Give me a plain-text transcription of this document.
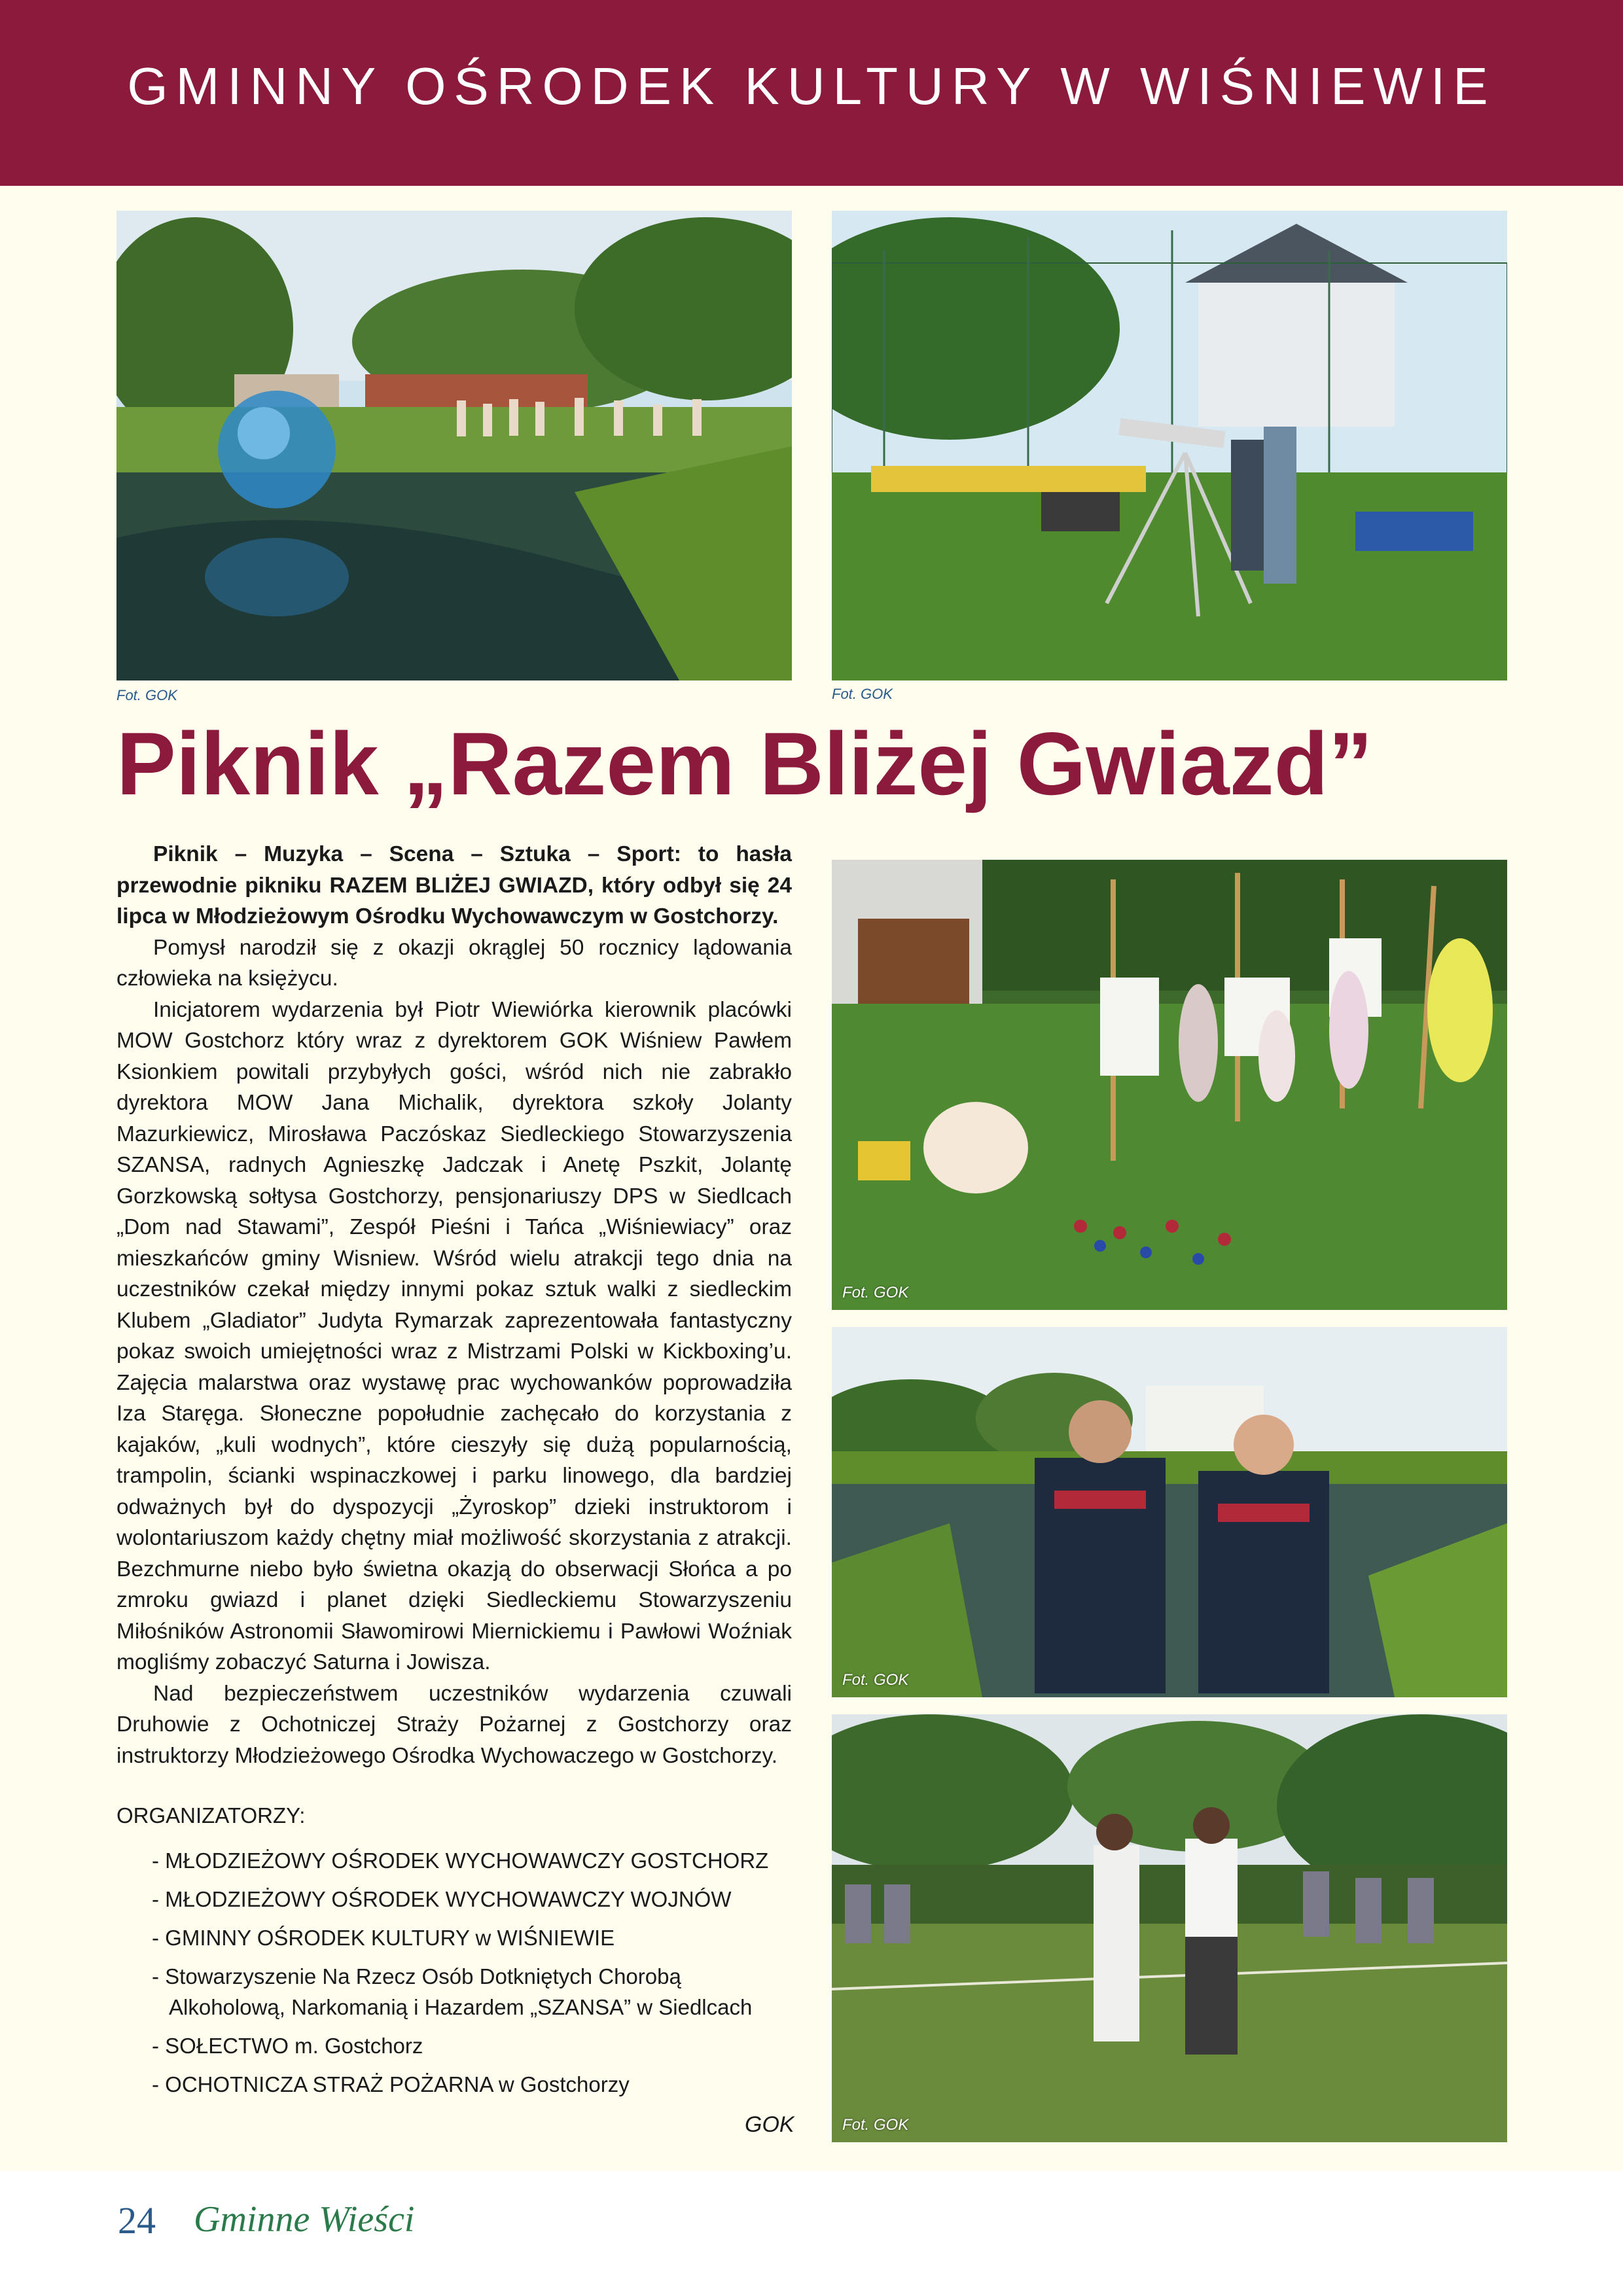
GMINNY OŚRODEK KULTURY W WIŚNIEWIE
Fot. GOK	Fot. GOK
Piknik „Razem Bliżej Gwiazd”

Piknik – Muzyka – Scena – Sztuka – Sport: to hasła przewodnie pikniku RAZEM BLIŻEJ GWIAZD, który odbył się 24 lipca w Młodzieżowym Ośrodku Wychowawczym w Gostchorzy.

Pomysł narodził się z okazji okrąglej 50 rocznicy lądowania człowieka na księżycu.

Inicjatorem wydarzenia był Piotr Wiewiórka kierownik placówki MOW Gostchorz który wraz z dyrektorem GOK Wiśniew Pawłem Ksionkiem powitali przybyłych gości, wśród nich nie zabrakło dyrektora MOW Jana Michalik, dyrektora szkoły Jolanty Mazurkiewicz, Mirosława Paczóskaz Siedleckiego Stowarzyszenia SZANSA, radnych Agnieszkę Jadczak i Anetę Pszkit, Jolantę Gorzkowską sołtysa Gostchorzy, pensjonariuszy DPS w Siedlcach „Dom nad Stawami”, Zespół Pieśni i Tańca „Wiśniewiacy” oraz mieszkańców gminy Wisniew. Wśród wielu atrakcji tego dnia na uczestników czekał między innymi pokaz sztuk walki z siedleckim Klubem „Gladiator” Judyta Rymarzak zaprezentowała fantastyczny pokaz swoich umiejętności wraz z Mistrzami Polski w Kickboxing’u. Zajęcia malarstwa oraz wystawę prac wychowanków poprowadziła Iza Staręga. Słoneczne popołudnie zachęcało do korzystania z kajaków, „kuli wodnych”, które cieszyły się dużą popularnością, trampolin, ścianki wspinaczkowej i parku linowego, dla bardziej odważnych był do dyspozycji „Żyroskop” dzieki instruktorom i wolontariuszom każdy chętny miał możliwość skorzystania z atrakcji. Bezchmurne niebo było świetna okazją do obserwacji Słońca a po zmroku gwiazd i planet dzięki Siedleckiemu Stowarzyszeniu Miłośników Astronomii Sławomirowi Miernickiemu i Pawłowi Woźniak mogliśmy zobaczyć Saturna i Jowisza.

Nad bezpieczeństwem uczestników wydarzenia czuwali Druhowie z Ochotniczej Straży Pożarnej z Gostchorzy oraz instruktorzy Młodzieżowego Ośrodka Wychowaczego w Gostchorzy.

ORGANIZATORZY:
- MŁODZIEŻOWY OŚRODEK WYCHOWAWCZY GOSTCHORZ
- MŁODZIEŻOWY OŚRODEK WYCHOWAWCZY WOJNÓW
- GMINNY OŚRODEK KULTURY w WIŚNIEWIE
- Stowarzyszenie Na Rzecz Osób Dotkniętych Chorobą Alkoholową, Narkomanią i Hazardem „SZANSA” w Siedlcach
- SOŁECTWO m. Gostchorz
- OCHOTNICZA STRAŻ POŻARNA w Gostchorzy
GOK
Fot. GOK
Fot. GOK
Fot. GOK
24 Gminne Wieści
